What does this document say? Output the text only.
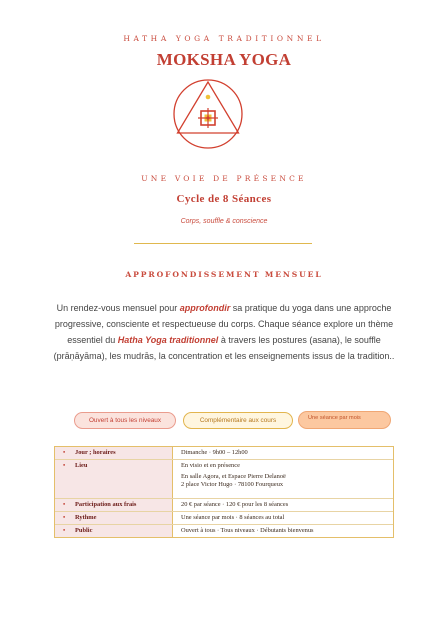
HATHA YOGA TRADITIONNEL
MOKSHA YOGA
UNE VOIE DE PRÉSENCE
Cycle de 8 Séances
Corps, souffle & conscience
APPROFONDISSEMENT MENSUEL
Un rendez-vous mensuel pour approfondir sa pratique du yoga dans une approche progressive, consciente et respectueuse du corps. Chaque séance explore un thème essentiel du Hatha Yoga traditionnel à travers les postures (asana), le souffle (prāṇāyāma), les mudrās, la concentration et les enseignements issus de la tradition..
Ouvert à tous les niveaux	Complémentaire aux cours	Une séance par mois
• Jour ; horaires	Dimanche · 9h00 – 12h00
• Lieu	En visio et en présence
En salle Agora, et Espace Pierre Delanoë
2 place Victor Hugo · 78100 Fourqueux
• Participation aux frais	20 € par séance · 120 € pour les 8 séances
• Rythme	Une séance par mois · 8 séances au total
• Public	Ouvert à tous · Tous niveaux · Débutants bienvenus
